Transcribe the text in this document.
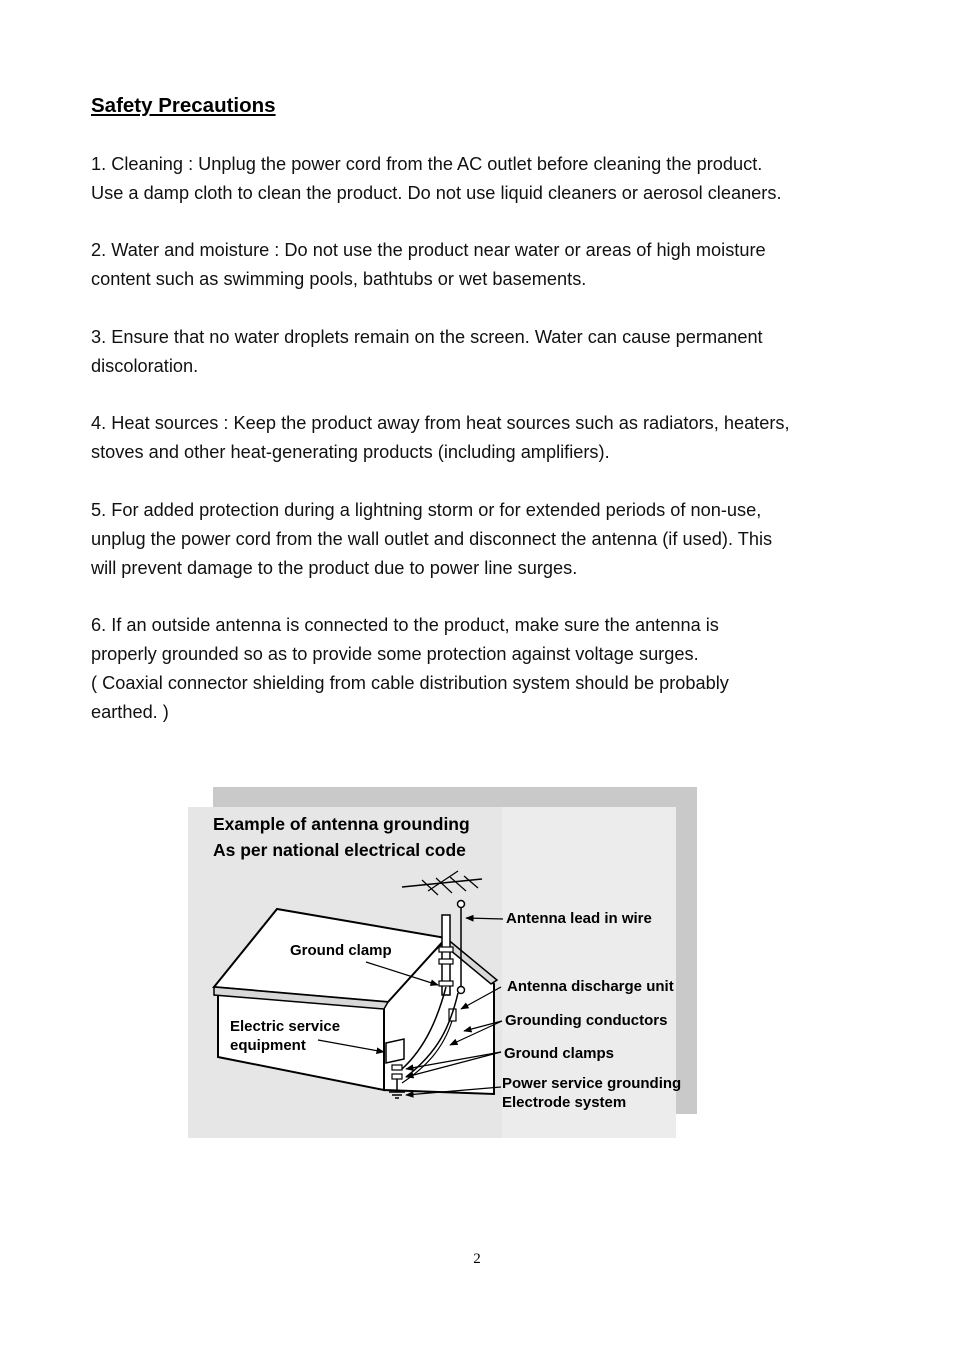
Safety Precautions

1. Cleaning : Unplug the power cord from the AC outlet before cleaning the product.
Use a damp cloth to clean the product. Do not use liquid cleaners or aerosol cleaners.

2. Water and moisture : Do not use the product near water or areas of high moisture
content such as swimming pools, bathtubs or wet basements.

3. Ensure that no water droplets remain on the screen. Water can cause permanent
discoloration.

4. Heat sources : Keep the product away from heat sources such as radiators, heaters,
stoves and other heat-generating products (including amplifiers).

5. For added protection during a lightning storm or for extended periods of non-use,
unplug the power cord from the wall outlet and disconnect the antenna (if used). This
will prevent damage to the product due to power line surges.

6. If an outside antenna is connected to the product, make sure the antenna is
properly grounded so as to provide some protection against voltage surges.
( Coaxial connector shielding from cable distribution system should be probably
earthed. )

Example of antenna grounding
As per national electrical code
Antenna lead in wire
Ground clamp
Antenna discharge unit
Grounding conductors
Electric service
equipment	Ground clamps
Power service grounding
Electrode system
2
